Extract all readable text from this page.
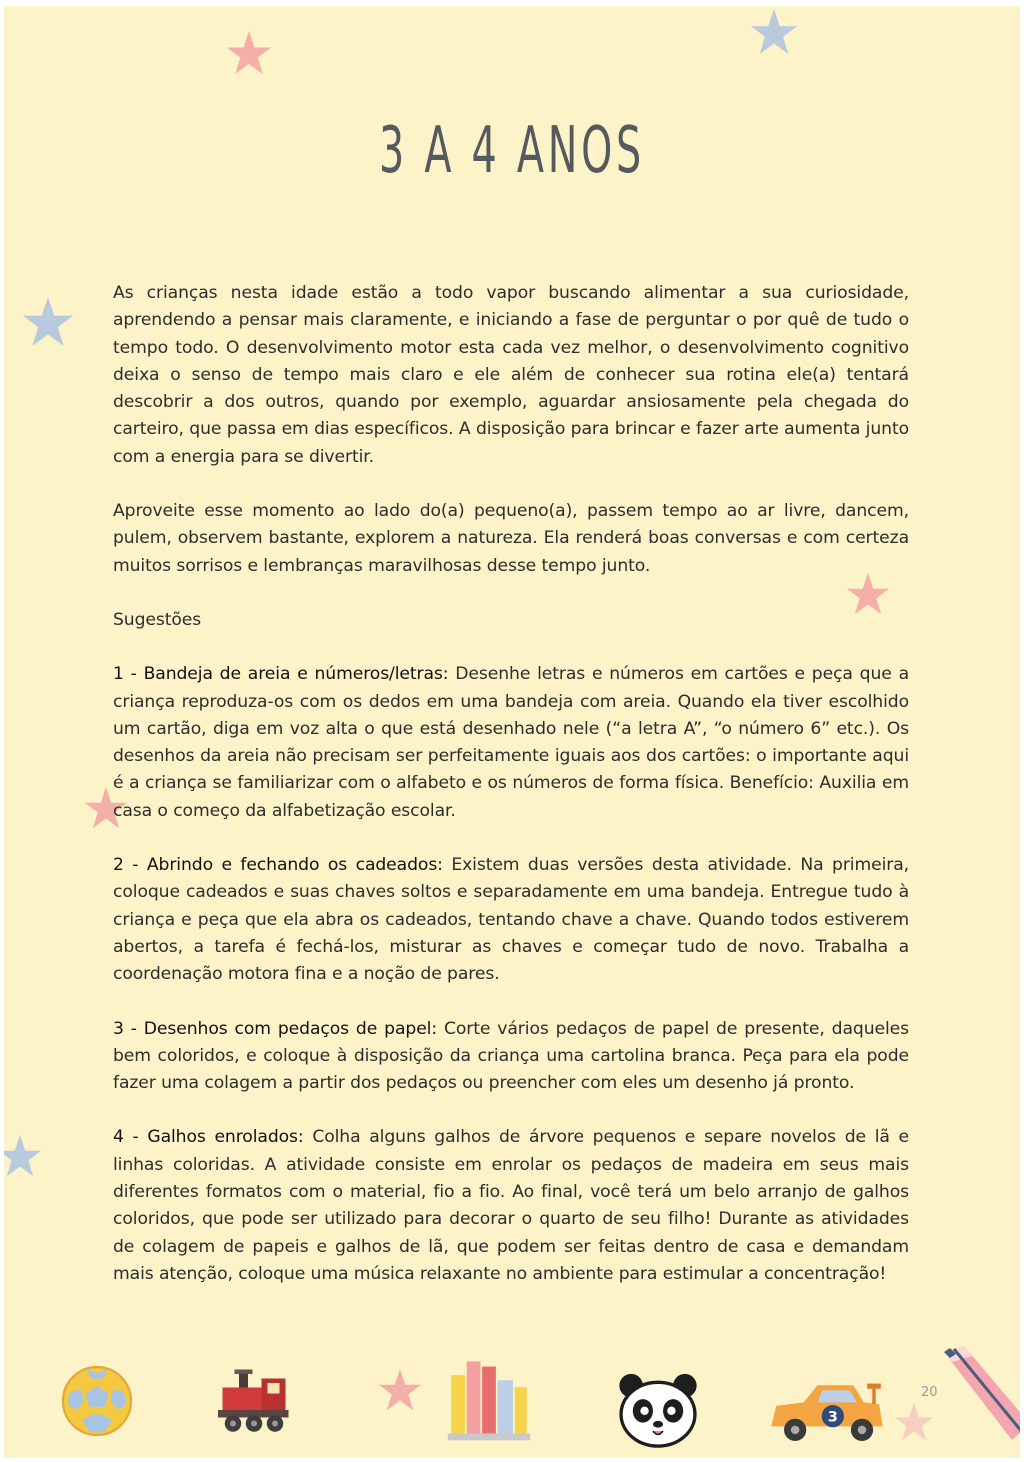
3 A 4 ANOS

As crianças nesta idade estão a todo vapor buscando alimentar a sua curiosidade, aprendendo a pensar mais claramente, e iniciando a fase de perguntar o por quê de tudo o tempo todo. O desenvolvimento motor esta cada vez melhor, o desenvolvimento cognitivo deixa o senso de tempo mais claro e ele além de conhecer sua rotina ele(a) tentará descobrir a dos outros, quando por exemplo, aguardar ansiosamente pela chegada do carteiro, que passa em dias específicos. A disposição para brincar e fazer arte aumenta junto com a energia para se divertir.

Aproveite esse momento ao lado do(a) pequeno(a), passem tempo ao ar livre, dancem, pulem, observem bastante, explorem a natureza. Ela renderá boas conversas e com certeza muitos sorrisos e lembranças maravilhosas desse tempo junto.

Sugestões

1 - Bandeja de areia e números/letras: Desenhe letras e números em cartões e peça que a criança reproduza-os com os dedos em uma bandeja com areia. Quando ela tiver escolhido um cartão, diga em voz alta o que está desenhado nele (“a letra A”, “o número 6” etc.). Os desenhos da areia não precisam ser perfeitamente iguais aos dos cartões: o importante aqui é a criança se familiarizar com o alfabeto e os números de forma física. Benefício: Auxilia em casa o começo da alfabetização escolar.

2 - Abrindo e fechando os cadeados: Existem duas versões desta atividade. Na primeira, coloque cadeados e suas chaves soltos e separadamente em uma bandeja. Entregue tudo à criança e peça que ela abra os cadeados, tentando chave a chave. Quando todos estiverem abertos, a tarefa é fechá-los, misturar as chaves e começar tudo de novo. Trabalha a coordenação motora fina e a noção de pares.

3 - Desenhos com pedaços de papel: Corte vários pedaços de papel de presente, daqueles bem coloridos, e coloque à disposição da criança uma cartolina branca. Peça para ela pode fazer uma colagem a partir dos pedaços ou preencher com eles um desenho já pronto.

4 - Galhos enrolados: Colha alguns galhos de árvore pequenos e separe novelos de lã e linhas coloridas. A atividade consiste em enrolar os pedaços de madeira em seus mais diferentes formatos com o material, fio a fio. Ao final, você terá um belo arranjo de galhos coloridos, que pode ser utilizado para decorar o quarto de seu filho! Durante as atividades de colagem de papeis e galhos de lã, que podem ser feitas dentro de casa e demandam mais atenção, coloque uma música relaxante no ambiente para estimular a concentração!

3
20
